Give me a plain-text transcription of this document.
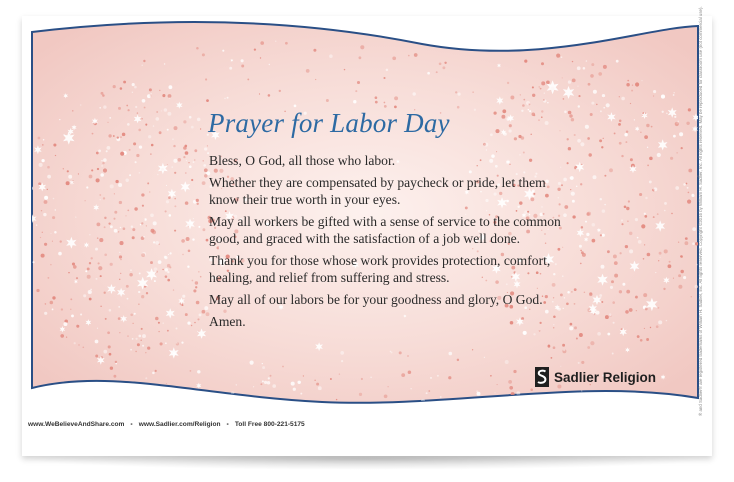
Prayer for Labor Day

Bless, O God, all those who labor.

Whether they are compensated by paycheck or pride, let them know their true worth in your eyes.

May all workers be gifted with a sense of service to the common good, and graced with the satisfaction of a job well done.

Thank you for those whose work provides protection, comfort, healing, and relief from suffering and stress.

May all of our labors be for your goodness and glory, O God.

Amen.

Sadlier Religion	® and Sadlier® are registered trademarks of William H. Sadlier, Inc. All rights reserved. Copyright ©2016 by William H. Sadlier, Inc. All rights reserved. May be reproduced for classroom use (not commercial use).
www.WeBelieveAndShare.com • www.Sadlier.com/Religion • Toll Free 800-221-5175
